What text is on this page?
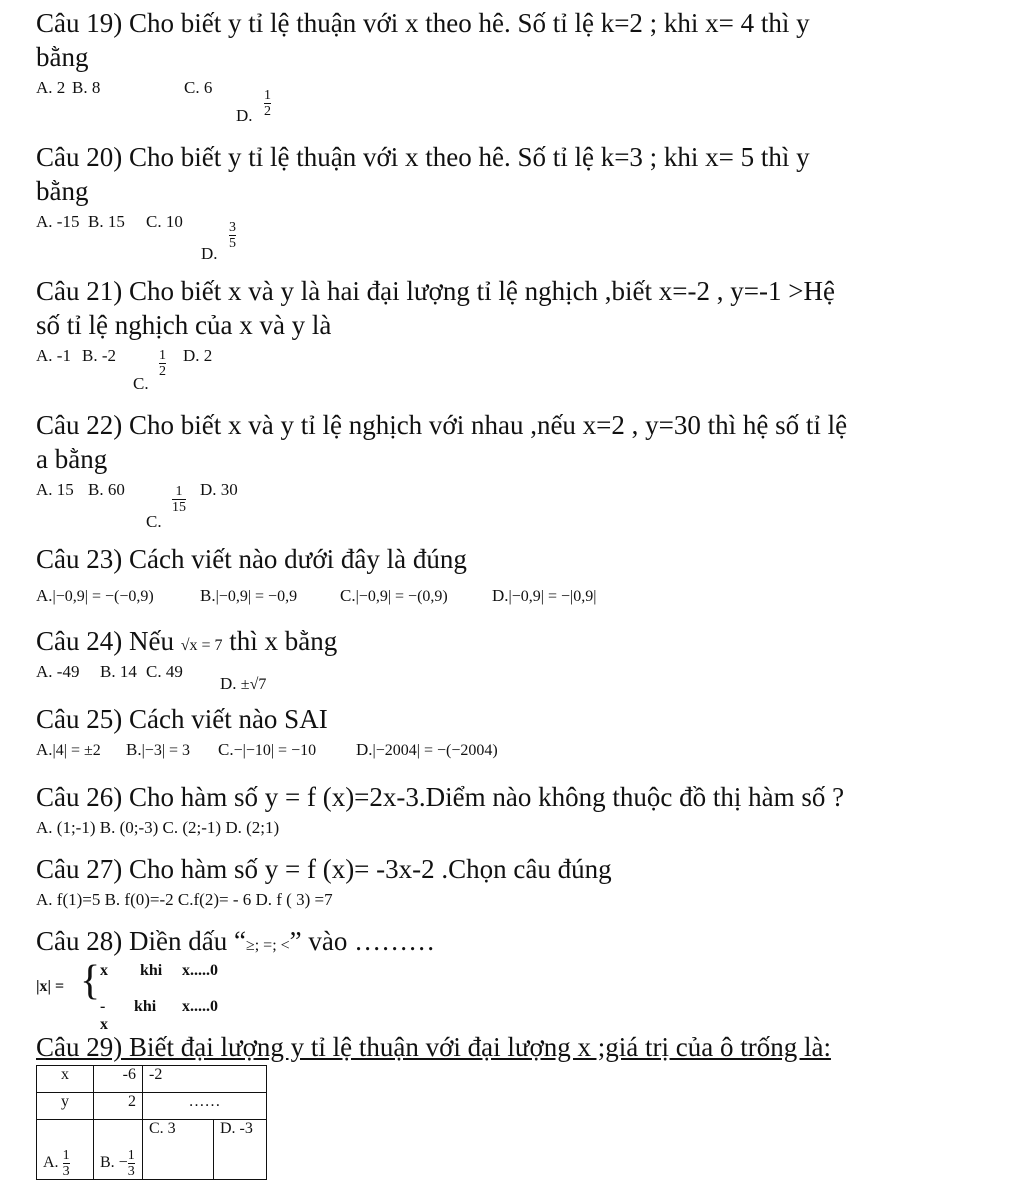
Câu 19) Cho biết y tỉ lệ thuận với x theo hê. Số tỉ lệ k=2 ; khi x= 4 thì y
bằng
A. 2 B. 8	C. 6
D.
1
2
Câu 20) Cho biết y tỉ lệ thuận với x theo hê. Số tỉ lệ k=3 ; khi x= 5 thì y
bằng
A. -15 B. 15 C. 10
D.
3
5
Câu 21) Cho biết x và y là hai đại lượng tỉ lệ nghịch ,biết x=-2 , y=-1 >Hệ
số tỉ lệ nghịch của x và y là
A. -1 B. -2
C.
1
2
D. 2
Câu 22) Cho biết x và y tỉ lệ nghịch với nhau ,nếu x=2 , y=30 thì hệ số tỉ lệ
a bằng
A. 15 B. 60
C.
1
15
D. 30
Câu 23) Cách viết nào dưới đây là đúng
A.|−0,9| = −(−0,9)	B.|−0,9| = −0,9	C.|−0,9| = −(0,9)	D.|−0,9| = −|0,9|
Câu 24) Nếu √x = 7 thì x bằng
A. -49 B. 14 C. 49
D. ±√7
Câu 25) Cách viết nào SAI
A.|4| = ±2 B.|−3| = 3 C.−|−10| = −10 D.|−2004| = −(−2004)
Câu 26) Cho hàm số y = f (x)=2x-3.Diểm nào không thuộc đồ thị hàm số ?
A. (1;-1) B. (0;-3) C. (2;-1) D. (2;1)
Câu 27) Cho hàm số y = f (x)= -3x-2 .Chọn câu đúng
A. f(1)=5 B. f(0)=-2 C.f(2)= - 6 D. f ( 3) =7
Câu 28) Diền dấu “≥; =; <” vào ………
|x| = { x khi x.....0
-x
khi x.....0
Câu 29) Biết đại lượng y tỉ lệ thuận với đại lượng x ;giá trị của ô trống là:
x	-6	-2	
y	2	……	
A. $\frac{1}{3}$	B. − $\frac{1}{3}$	C. 3	D. -3
